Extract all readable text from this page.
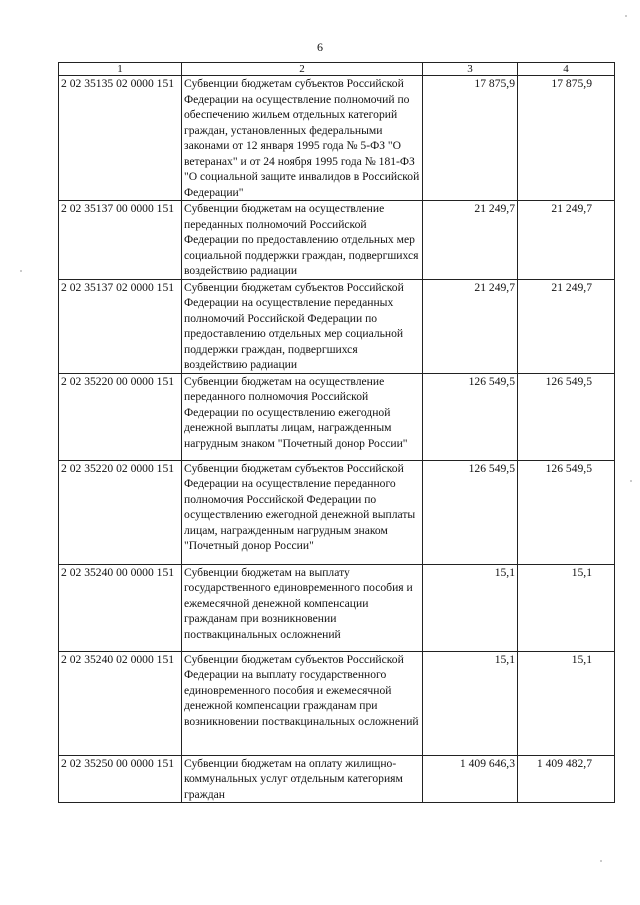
6
1	2	3	4
2 02 35135 02 0000 151	Субвенции бюджетам субъектов Российской Федерации на осуществление полномочий по обеспечению жильем отдельных категорий граждан, установленных федеральными законами от 12 января 1995 года № 5-ФЗ "О ветеранах" и от 24 ноября 1995 года № 181-ФЗ "О социальной защите инвалидов в Российской Федерации"	17 875,9	17 875,9
2 02 35137 00 0000 151	Субвенции бюджетам на осуществление переданных полномочий Российской Федерации по предоставлению отдельных мер социальной поддержки граждан, подвергшихся воздействию радиации	21 249,7	21 249,7
2 02 35137 02 0000 151	Субвенции бюджетам субъектов Российской Федерации на осуществление переданных полномочий Российской Федерации по предоставлению отдельных мер социальной поддержки граждан, подвергшихся воздействию радиации	21 249,7	21 249,7
2 02 35220 00 0000 151	Субвенции бюджетам на осуществление переданного полномочия Российской Федерации по осуществлению ежегодной денежной выплаты лицам, награжденным нагрудным знаком "Почетный донор России"	126 549,5	126 549,5
2 02 35220 02 0000 151	Субвенции бюджетам субъектов Российской Федерации на осуществление переданного полномочия Российской Федерации по осуществлению ежегодной денежной выплаты лицам, награжденным нагрудным знаком "Почетный донор России"	126 549,5	126 549,5
2 02 35240 00 0000 151	Субвенции бюджетам на выплату государственного единовременного пособия и ежемесячной денежной компенсации гражданам при возникновении поствакцинальных осложнений	15,1	15,1
2 02 35240 02 0000 151	Субвенции бюджетам субъектов Российской Федерации на выплату государственного единовременного пособия и ежемесячной денежной компенсации гражданам при возникновении поствакцинальных осложнений	15,1	15,1
2 02 35250 00 0000 151	Субвенции бюджетам на оплату жилищно-коммунальных услуг отдельным категориям граждан	1 409 646,3	1 409 482,7
